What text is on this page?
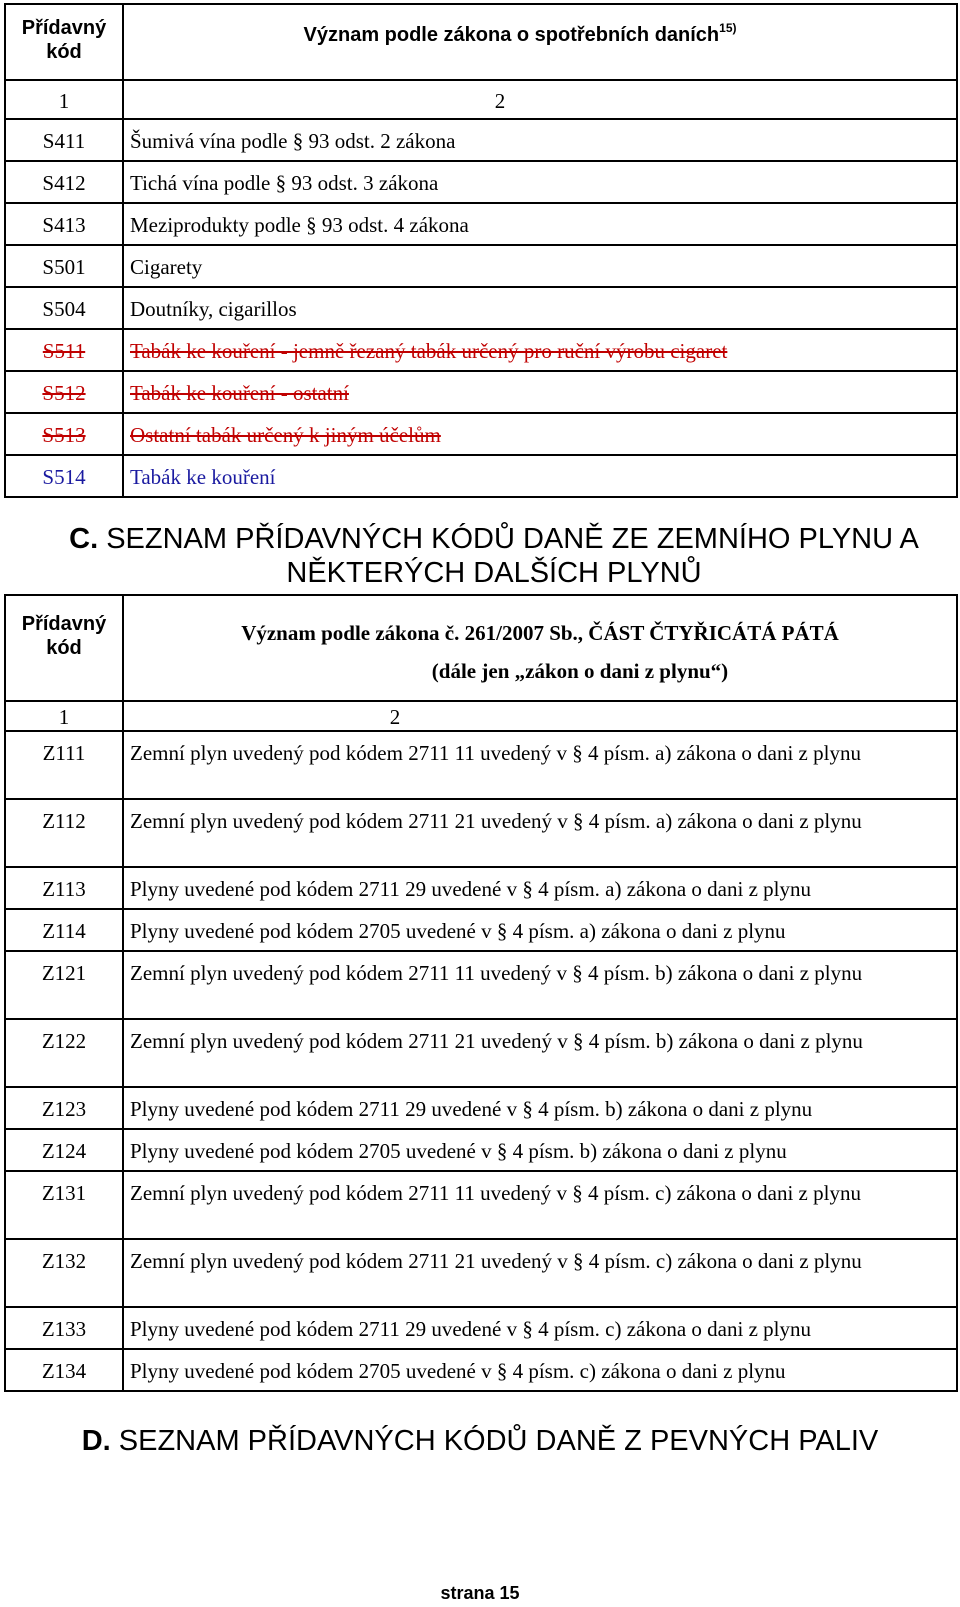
Přídavný kód	Význam podle zákona o spotřebních daních$^{15)}$
1	2
S411	Šumivá vína podle § 93 odst. 2 zákona
S412	Tichá vína podle § 93 odst. 3 zákona
S413	Meziprodukty podle § 93 odst. 4 zákona
S501	Cigarety
S504	Doutníky, cigarillos
S511	Tabák ke kouření - jemně řezaný tabák určený pro ruční výrobu cigaret
S512	Tabák ke kouření - ostatní
S513	Ostatní tabák určený k jiným účelům
S514	Tabák ke kouření
C. SEZNAM PŘÍDAVNÝCH KÓDŮ DANĚ ZE ZEMNÍHO PLYNU A NĚKTERÝCH DALŠÍCH PLYNŮ
Přídavný kód	Význam podle zákona č. 261/2007 Sb., ČÁST ČTYŘICÁTÁ PÁTÁ
(dále jen „zákon o dani z plynu“)

1	2
Z111	Zemní plyn uvedený pod kódem 2711 11 uvedený v § 4 písm. a) zákona o dani z plynu
Z112	Zemní plyn uvedený pod kódem 2711 21 uvedený v § 4 písm. a) zákona o dani z plynu
Z113	Plyny uvedené pod kódem 2711 29 uvedené v § 4 písm. a) zákona o dani z plynu
Z114	Plyny uvedené pod kódem 2705 uvedené v § 4 písm. a) zákona o dani z plynu
Z121	Zemní plyn uvedený pod kódem 2711 11 uvedený v § 4 písm. b) zákona o dani z plynu
Z122	Zemní plyn uvedený pod kódem 2711 21 uvedený v § 4 písm. b) zákona o dani z plynu
Z123	Plyny uvedené pod kódem 2711 29 uvedené v § 4 písm. b) zákona o dani z plynu
Z124	Plyny uvedené pod kódem 2705 uvedené v § 4 písm. b) zákona o dani z plynu
Z131	Zemní plyn uvedený pod kódem 2711 11 uvedený v § 4 písm. c) zákona o dani z plynu
Z132	Zemní plyn uvedený pod kódem 2711 21 uvedený v § 4 písm. c) zákona o dani z plynu
Z133	Plyny uvedené pod kódem 2711 29 uvedené v § 4 písm. c) zákona o dani z plynu
Z134	Plyny uvedené pod kódem 2705 uvedené v § 4 písm. c) zákona o dani z plynu
D. SEZNAM PŘÍDAVNÝCH KÓDŮ DANĚ Z PEVNÝCH PALIV
strana 15
